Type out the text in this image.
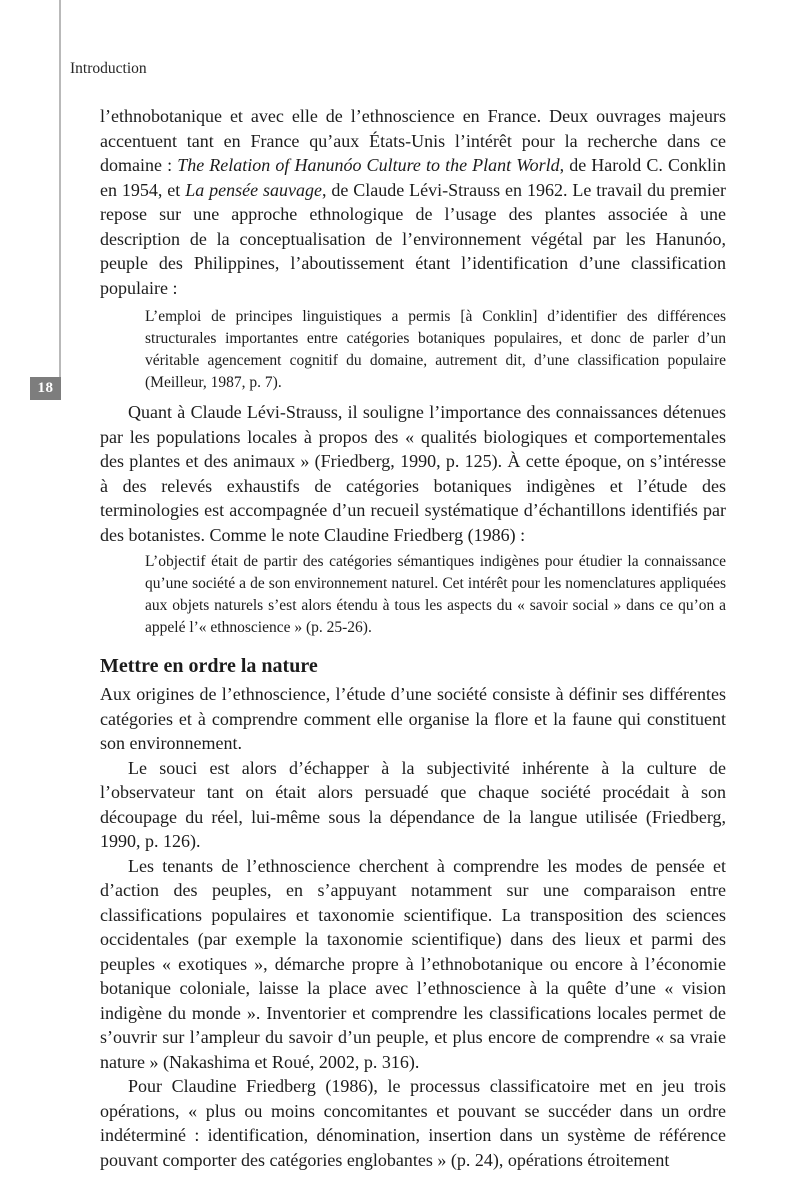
18
Introduction

l’ethnobotanique et avec elle de l’ethnoscience en France. Deux ouvrages majeurs accentuent tant en France qu’aux États-Unis l’intérêt pour la recherche dans ce domaine : The Relation of Hanunóo Culture to the Plant World, de Harold C. Conklin en 1954, et La pensée sauvage, de Claude Lévi-Strauss en 1962. Le travail du premier repose sur une approche ethnologique de l’usage des plantes associée à une description de la conceptualisation de l’environnement végétal par les Hanunóo, peuple des Philippines, l’aboutissement étant l’identification d’une classification populaire :

L’emploi de principes linguistiques a permis [à Conklin] d’identifier des différences structurales importantes entre catégories botaniques populaires, et donc de parler d’un véritable agencement cognitif du domaine, autrement dit, d’une classification populaire (Meilleur, 1987, p. 7).

Quant à Claude Lévi-Strauss, il souligne l’importance des connaissances détenues par les populations locales à propos des « qualités biologiques et comportementales des plantes et des animaux » (Friedberg, 1990, p. 125). À cette époque, on s’intéresse à des relevés exhaustifs de catégories botaniques indigènes et l’étude des terminologies est accompagnée d’un recueil systématique d’échantillons identifiés par des botanistes. Comme le note Claudine Friedberg (1986) :

L’objectif était de partir des catégories sémantiques indigènes pour étudier la connaissance qu’une société a de son environnement naturel. Cet intérêt pour les nomenclatures appliquées aux objets naturels s’est alors étendu à tous les aspects du « savoir social » dans ce qu’on a appelé l’« ethnoscience » (p. 25-26).
Mettre en ordre la nature

Aux origines de l’ethnoscience, l’étude d’une société consiste à définir ses différentes catégories et à comprendre comment elle organise la flore et la faune qui constituent son environnement.

Le souci est alors d’échapper à la subjectivité inhérente à la culture de l’observateur tant on était alors persuadé que chaque société procédait à son découpage du réel, lui-même sous la dépendance de la langue utilisée (Friedberg, 1990, p. 126).

Les tenants de l’ethnoscience cherchent à comprendre les modes de pensée et d’action des peuples, en s’appuyant notamment sur une comparaison entre classifications populaires et taxonomie scientifique. La transposition des sciences occidentales (par exemple la taxonomie scientifique) dans des lieux et parmi des peuples « exotiques », démarche propre à l’ethnobotanique ou encore à l’économie botanique coloniale, laisse la place avec l’ethnoscience à la quête d’une « vision indigène du monde ». Inventorier et comprendre les classifications locales permet de s’ouvrir sur l’ampleur du savoir d’un peuple, et plus encore de comprendre « sa vraie nature » (Nakashima et Roué, 2002, p. 316).

Pour Claudine Friedberg (1986), le processus classificatoire met en jeu trois opérations, « plus ou moins concomitantes et pouvant se succéder dans un ordre indéterminé : identification, dénomination, insertion dans un système de référence pouvant comporter des catégories englobantes » (p. 24), opérations étroitement
